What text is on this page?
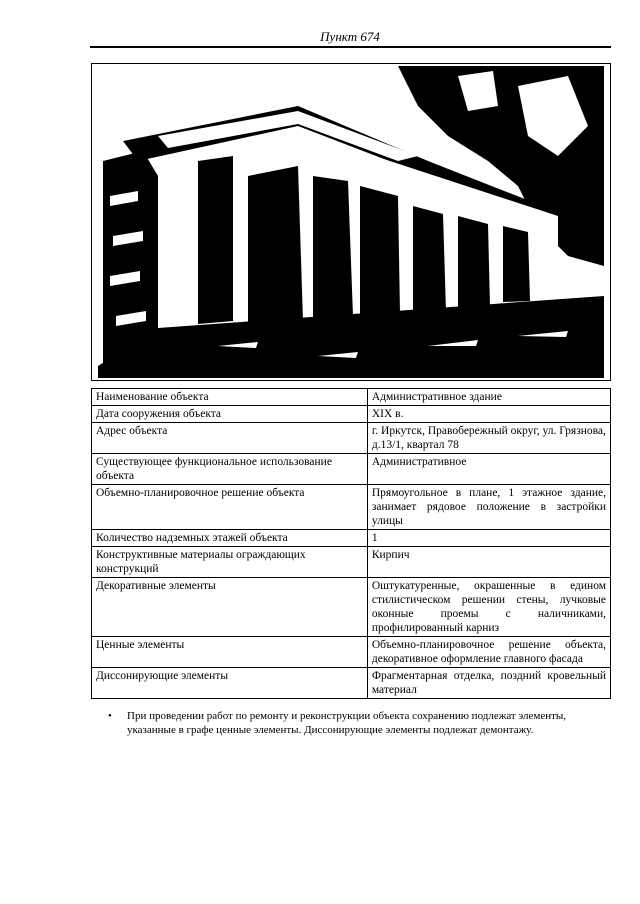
Пункт 674
Наименование объекта	Административное здание
Дата сооружения объекта	XIX в.
Адрес объекта	г. Иркутск, Правобережный округ, ул. Грязнова, д.13/1, квартал 78
Существующее функциональное использование объекта	Административное
Объемно-планировочное решение объекта	Прямоугольное в плане, 1 этажное здание, занимает рядовое положение в застройки улицы
Количество надземных этажей объекта	1
Конструктивные материалы ограждающих конструкций	Кирпич
Декоративные элементы	Оштукатуренные, окрашенные в едином стилистическом решении стены, лучковые оконные проемы с наличниками, профилированный карниз
Ценные элементы	Объемно-планировочное решение объекта, декоративное оформление главного фасада
Диссонирующие элементы	Фрагментарная отделка, поздний кровельный материал
• При проведении работ по ремонту и реконструкции объекта сохранению подлежат элементы, указанные в графе ценные элементы. Диссонирующие элементы подлежат демонтажу.
